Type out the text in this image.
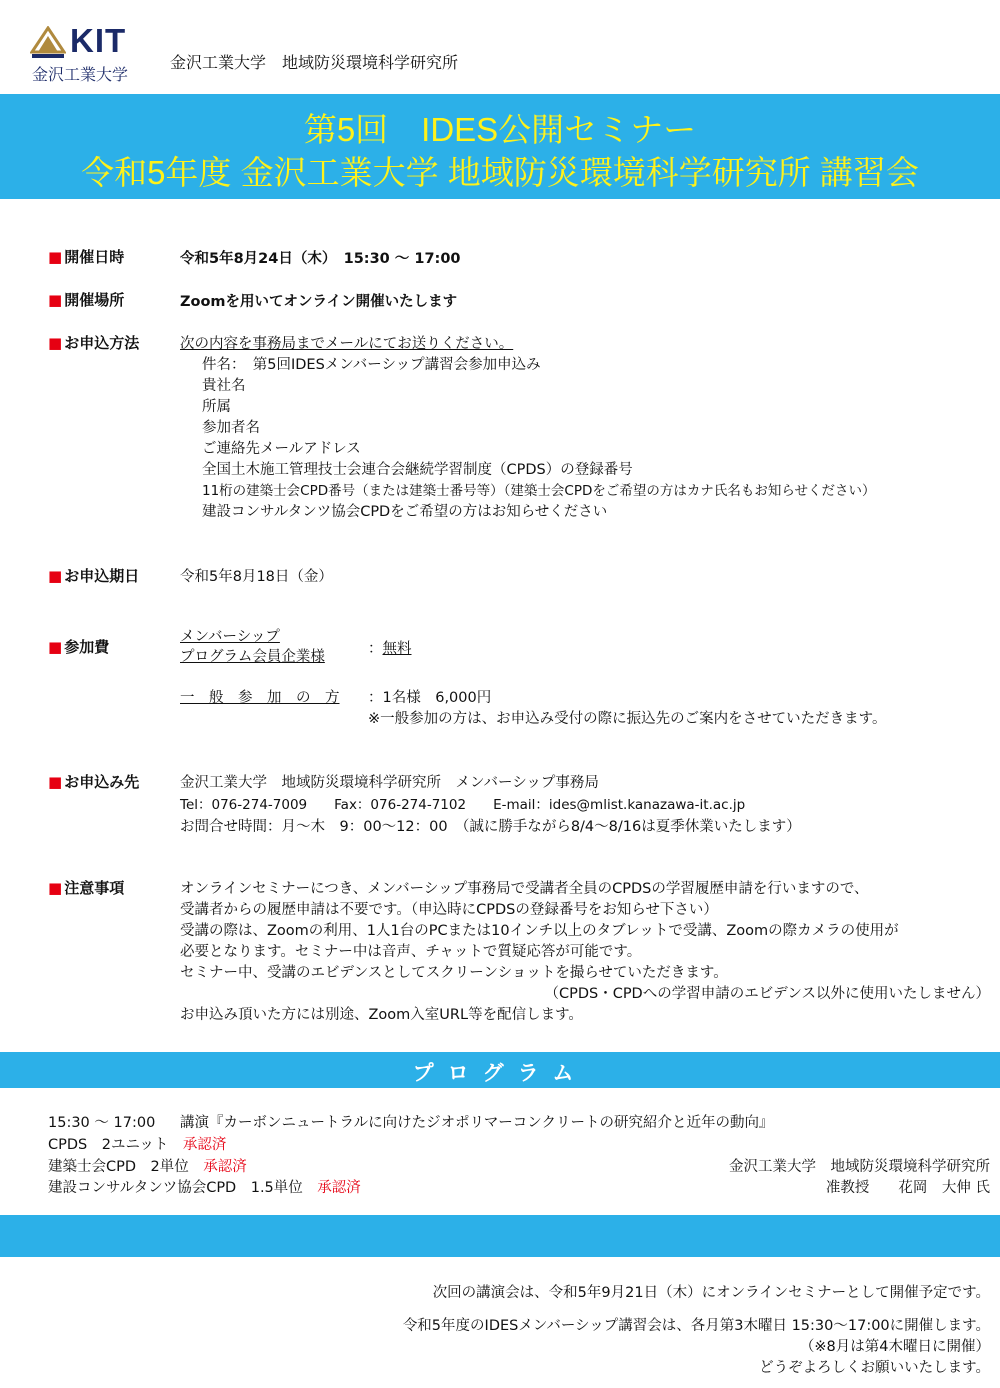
KIT
金沢工業大学
金沢工業大学　地域防災環境科学研究所
第5回　IDES公開セミナー
令和5年度 金沢工業大学 地域防災環境科学研究所 講習会
■ 開催日時	令和5年8月24日（木）　15:30 ～ 17:00
■ 開催場所	Zoomを用いてオンライン開催いたします
■ お申込方法	次の内容を事務局までメールにてお送りください。
件名：　第5回IDESメンバーシップ講習会参加申込み
貴社名
所属
参加者名
ご連絡先メールアドレス
全国土木施工管理技士会連合会継続学習制度（CPDS）の登録番号
11桁の建築士会CPD番号（または建築士番号等）（建築士会CPDをご希望の方はカナ氏名もお知らせください）
建設コンサルタンツ協会CPDをご希望の方はお知らせください
■ お申込期日	令和5年8月18日（金）
■ 参加費
メンバーシップ
プログラム会員企業様	：無料
一　般　参　加　の　方 ：1名様　6,000円
※一般参加の方は、お申込み受付の際に振込先のご案内をさせていただきます。
■ お申込み先	金沢工業大学　地域防災環境科学研究所　メンバーシップ事務局
Tel：076-274-7009　　Fax：076-274-7102　　E-mail：ides@mlist.kanazawa-it.ac.jp
お問合せ時間：月～木　9：00～12：00　（誠に勝手ながら8/4～8/16は夏季休業いたします）
■ 注意事項	オンラインセミナーにつき、メンバーシップ事務局で受講者全員のCPDSの学習履歴申請を行いますので、
受講者からの履歴申請は不要です。（申込時にCPDSの登録番号をお知らせ下さい）
受講の際は、Zoomの利用、1人1台のPCまたは10インチ以上のタブレットで受講、Zoomの際カメラの使用が
必要となります。セミナー中は音声、チャットで質疑応答が可能です。
セミナー中、受講のエビデンスとしてスクリーンショットを撮らせていただきます。
（CPDS・CPDへの学習申請のエビデンス以外に使用いたしません）
お申込み頂いた方には別途、Zoom入室URL等を配信します。
プログラム
15:30 ～ 17:00 講演『カーボンニュートラルに向けたジオポリマーコンクリートの研究紹介と近年の動向』
CPDS　2ユニット　 承認済
建築士会CPD　2単位　 承認済
建設コンサルタンツ協会CPD　1.5単位　 承認済
金沢工業大学　地域防災環境科学研究所
准教授　　花岡　大伸 氏
次回の講演会は、令和5年9月21日（木）にオンラインセミナーとして開催予定です。
令和5年度のIDESメンバーシップ講習会は、各月第3木曜日 15:30～17:00に開催します。
（※8月は第4木曜日に開催）
どうぞよろしくお願いいたします。
